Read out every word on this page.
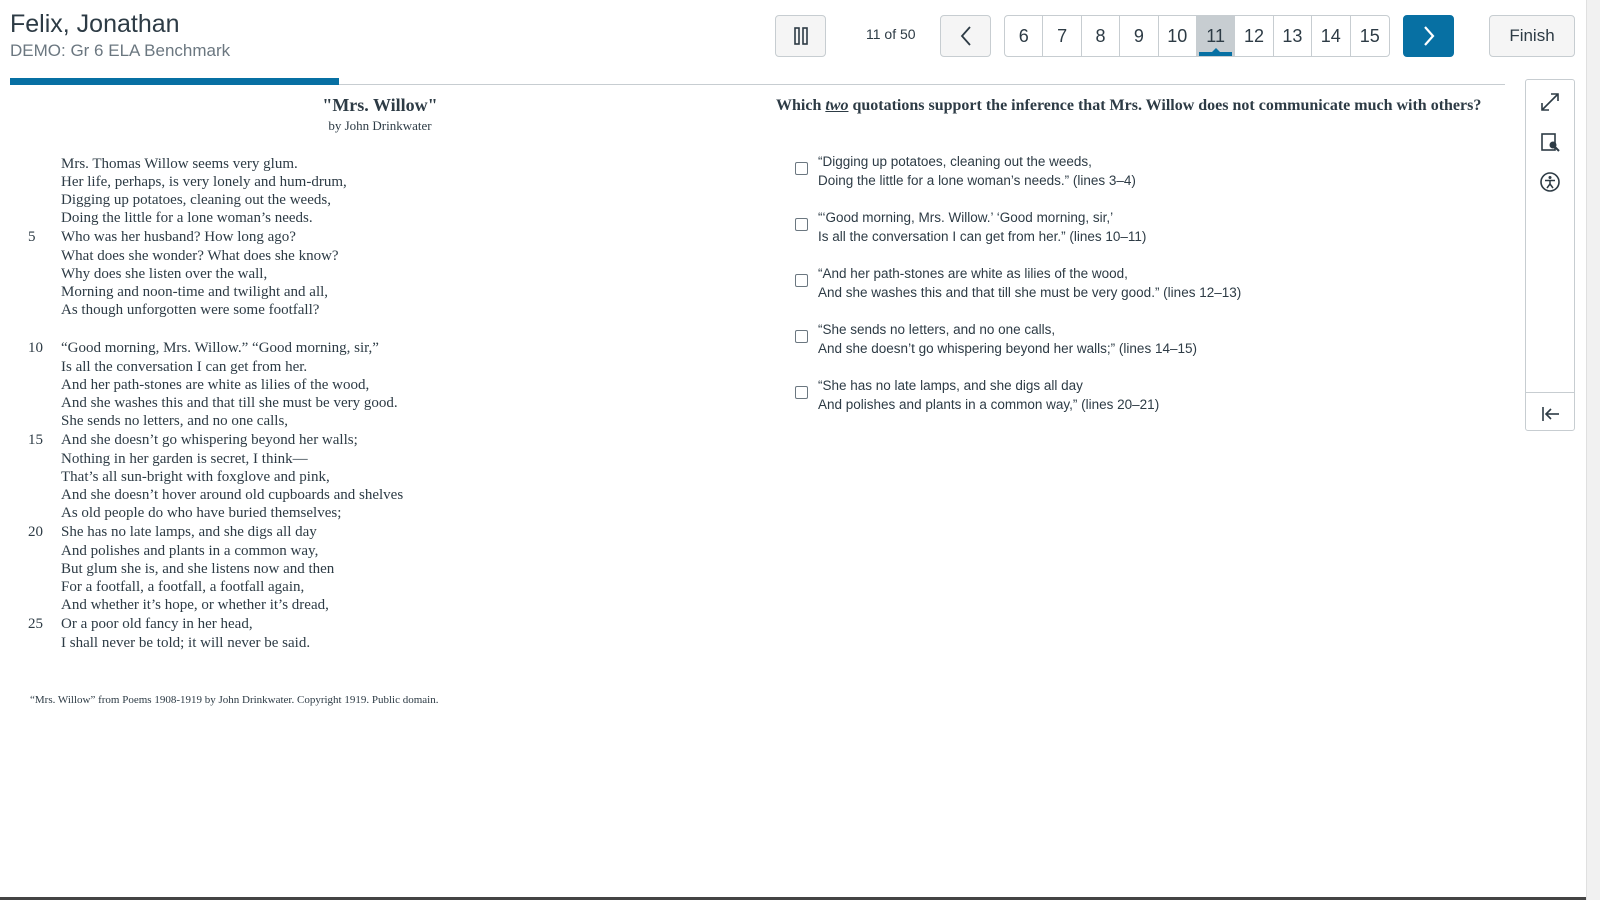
Felix, Jonathan
DEMO: Gr 6 ELA Benchmark
11 of 50	6	7	8	9	10	11	12	13	14	15	Finish
"Mrs. Willow"
by John Drinkwater
Mrs. Thomas Willow seems very glum.
Her life, perhaps, is very lonely and hum-drum,
Digging up potatoes, cleaning out the weeds,
Doing the little for a lone woman’s needs.
5	Who was her husband? How long ago?
What does she wonder? What does she know?
Why does she listen over the wall,
Morning and noon-time and twilight and all,
As though unforgotten were some footfall?
10	“Good morning, Mrs. Willow.” “Good morning, sir,”
Is all the conversation I can get from her.
And her path-stones are white as lilies of the wood,
And she washes this and that till she must be very good.
She sends no letters, and no one calls,
15	And she doesn’t go whispering beyond her walls;
Nothing in her garden is secret, I think—
That’s all sun-bright with foxglove and pink,
And she doesn’t hover around old cupboards and shelves
As old people do who have buried themselves;
20	She has no late lamps, and she digs all day
And polishes and plants in a common way,
But glum she is, and she listens now and then
For a footfall, a footfall, a footfall again,
And whether it’s hope, or whether it’s dread,
25	Or a poor old fancy in her head,
I shall never be told; it will never be said.
“Mrs. Willow” from Poems 1908-1919 by John Drinkwater. Copyright 1919. Public domain.
Which two quotations support the inference that Mrs. Willow does not communicate much with others?
“Digging up potatoes, cleaning out the weeds,
Doing the little for a lone woman’s needs.” (lines 3–4)
“‘Good morning, Mrs. Willow.’ ‘Good morning, sir,’
Is all the conversation I can get from her.” (lines 10–11)
“And her path-stones are white as lilies of the wood,
And she washes this and that till she must be very good.” (lines 12–13)
“She sends no letters, and no one calls,
And she doesn’t go whispering beyond her walls;” (lines 14–15)
“She has no late lamps, and she digs all day
And polishes and plants in a common way,” (lines 20–21)
